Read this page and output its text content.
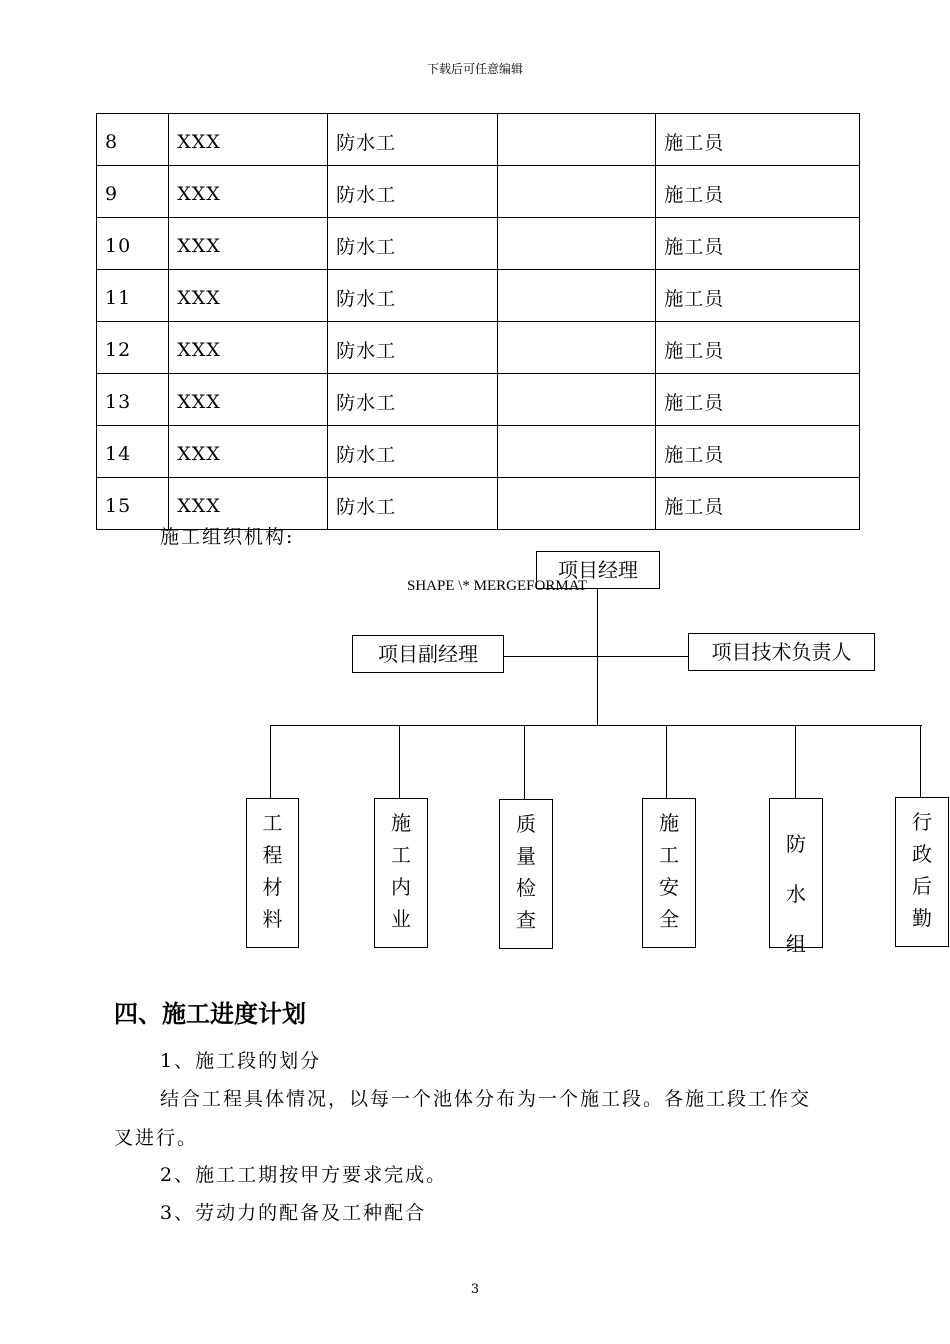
下载后可任意编辑
8	XXX	防水工		施工员
9	XXX	防水工		施工员
10	XXX	防水工		施工员
11	XXX	防水工		施工员
12	XXX	防水工		施工员
13	XXX	防水工		施工员
14	XXX	防水工		施工员
15	XXX	防水工		施工员
施工组织机构:
项目经理
SHAPE \* MERGEFORMAT
项目副经理	项目技术负责人
工
程
材
料
施
工
内
业
质
量
检
查
施
工
安
全
防
水
组
行
政
后
勤
四、施工进度计划

1、施工段的划分

结合工程具体情况，以每一个池体分布为一个施工段。各施工段工作交

叉进行。

2、施工工期按甲方要求完成。

3、劳动力的配备及工种配合

3
